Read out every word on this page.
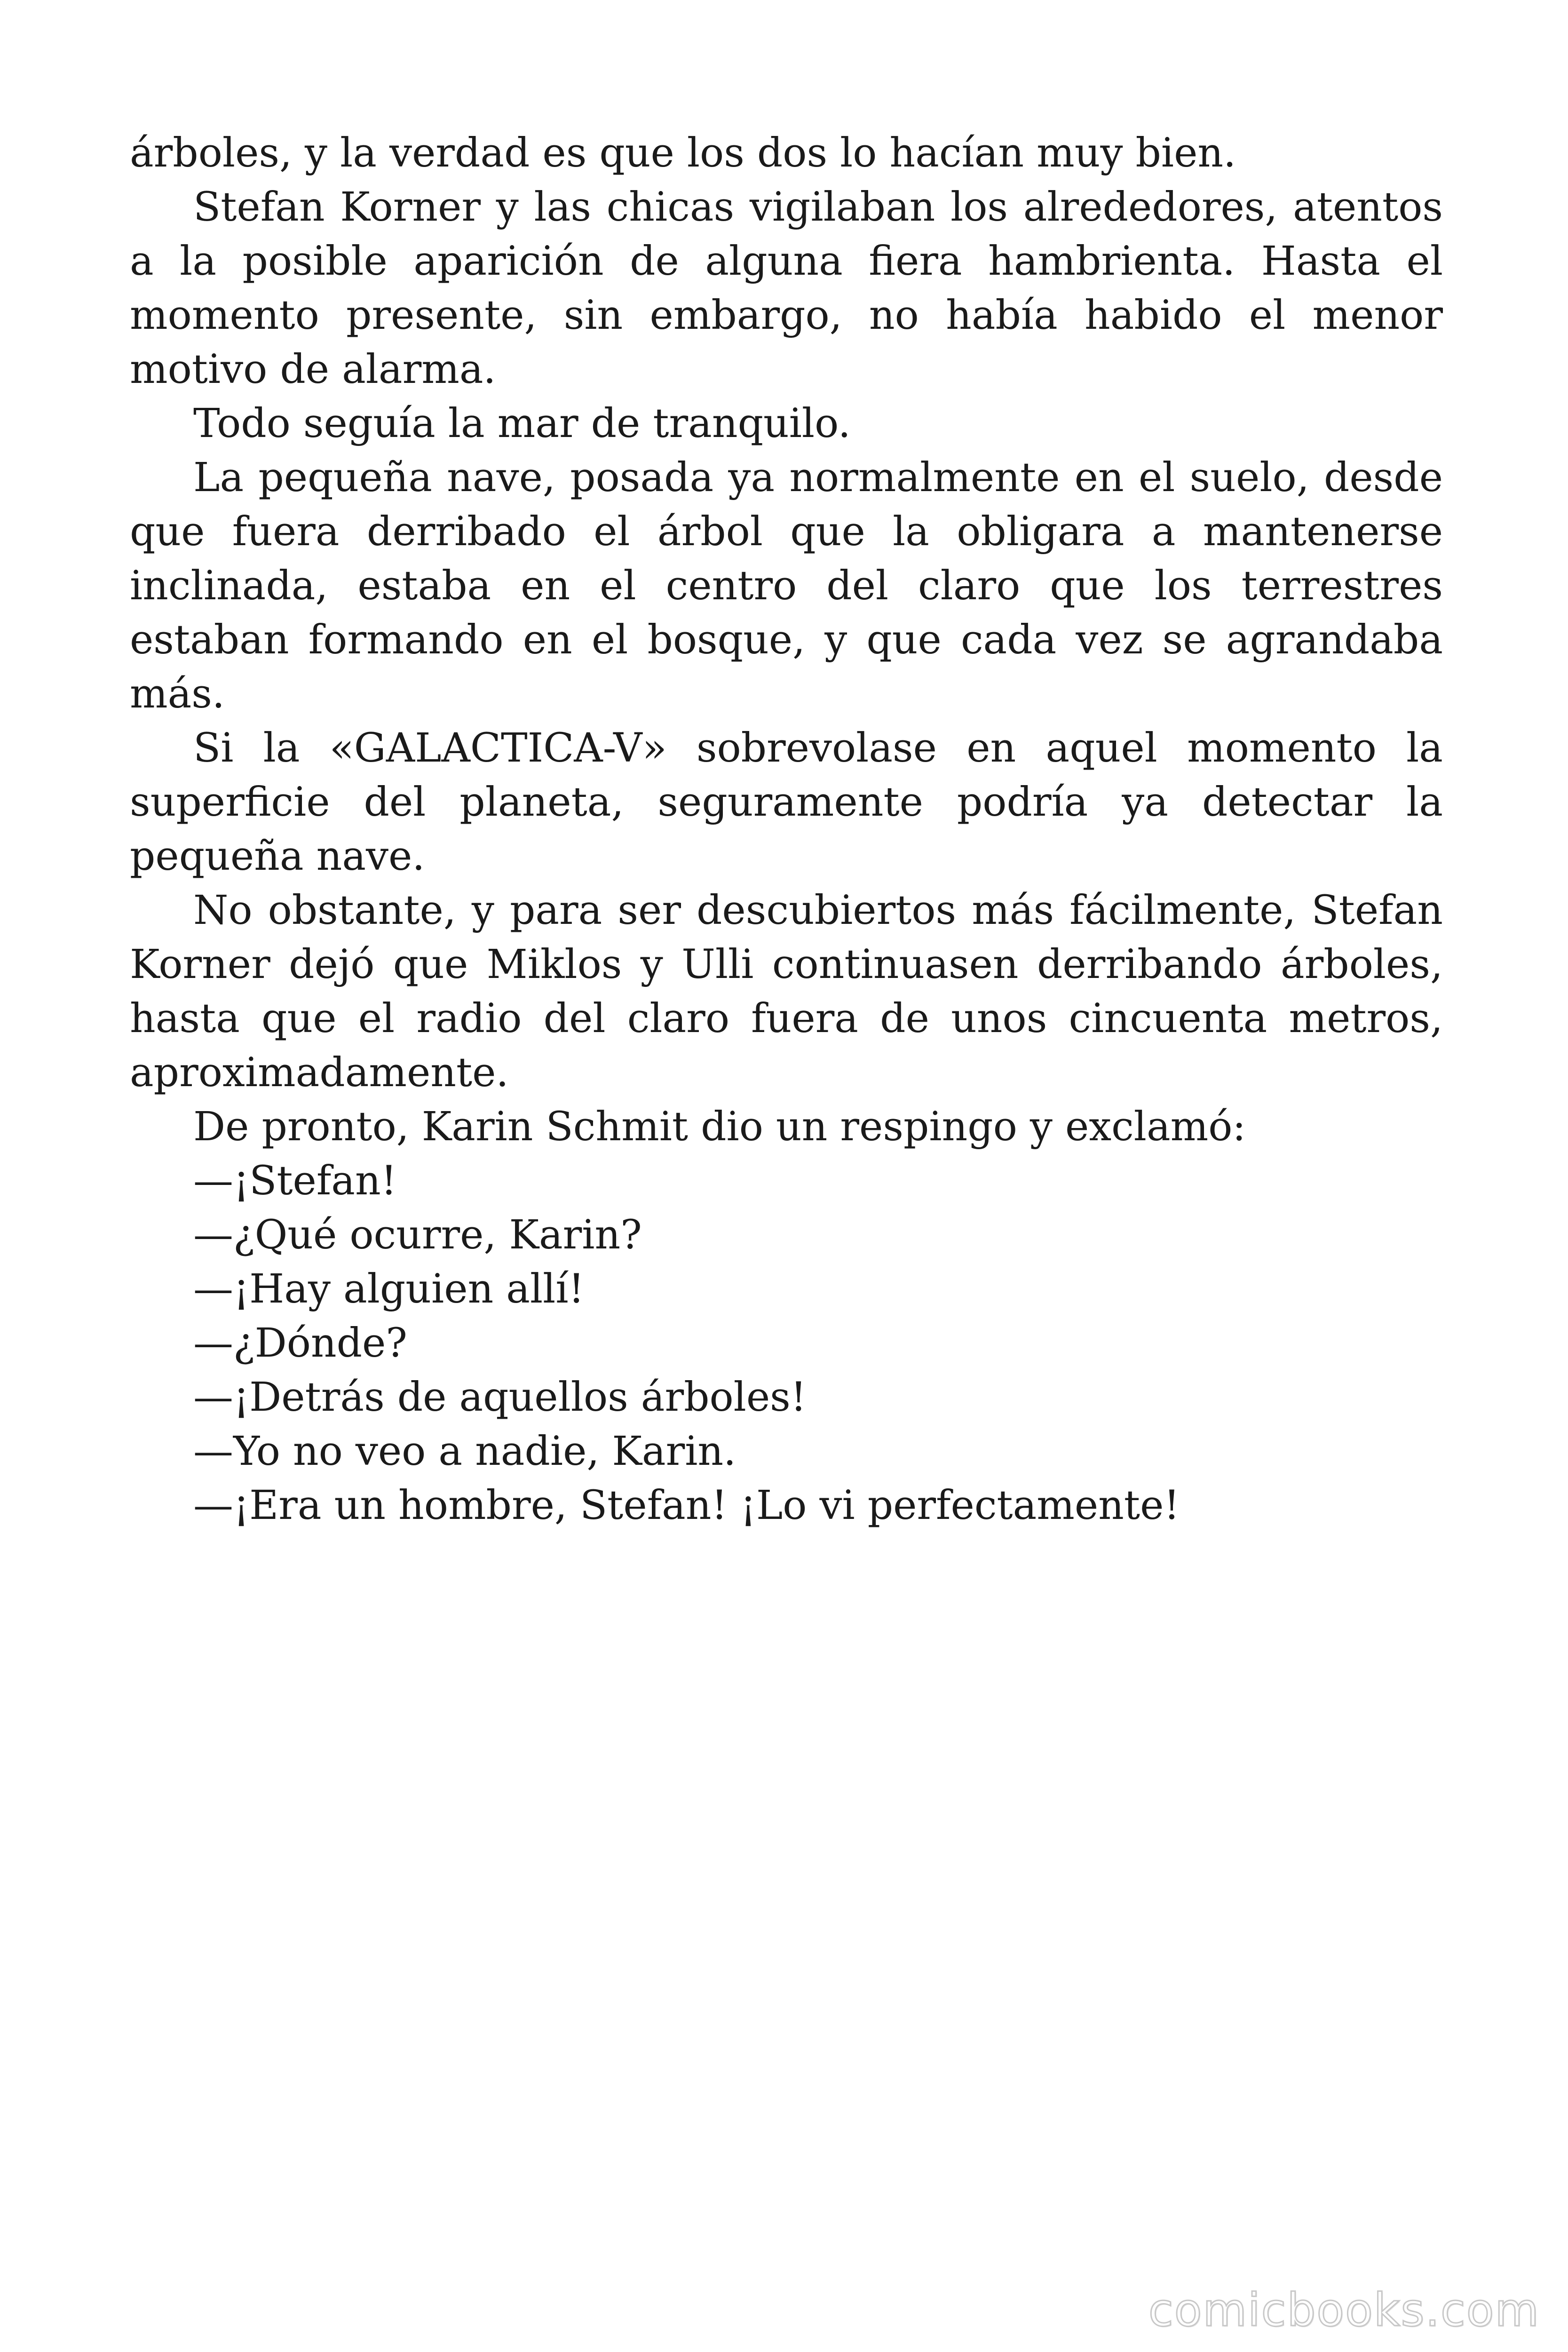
árboles, y la verdad es que los dos lo hacían muy bien.

Stefan Korner y las chicas vigilaban los alrededores, atentos a la posible aparición de alguna fiera hambrienta. Hasta el momento presente, sin embargo, no había habido el menor motivo de alarma.

Todo seguía la mar de tranquilo.

La pequeña nave, posada ya normalmente en el suelo, desde que fuera derribado el árbol que la obligara a mantenerse inclinada, estaba en el centro del claro que los terrestres estaban formando en el bosque, y que cada vez se agrandaba más.

Si la «GALACTICA-V» sobrevolase en aquel momento la superficie del planeta, seguramente podría ya detectar la pequeña nave.

No obstante, y para ser descubiertos más fácilmente, Stefan Korner dejó que Miklos y Ulli continuasen derribando árboles, hasta que el radio del claro fuera de unos cincuenta metros, aproximadamente.

De pronto, Karin Schmit dio un respingo y exclamó:

—¡Stefan!

—¿Qué ocurre, Karin?

—¡Hay alguien allí!

—¿Dónde?

—¡Detrás de aquellos árboles!

—Yo no veo a nadie, Karin.

—¡Era un hombre, Stefan! ¡Lo vi perfectamente!

comicbooks.com
